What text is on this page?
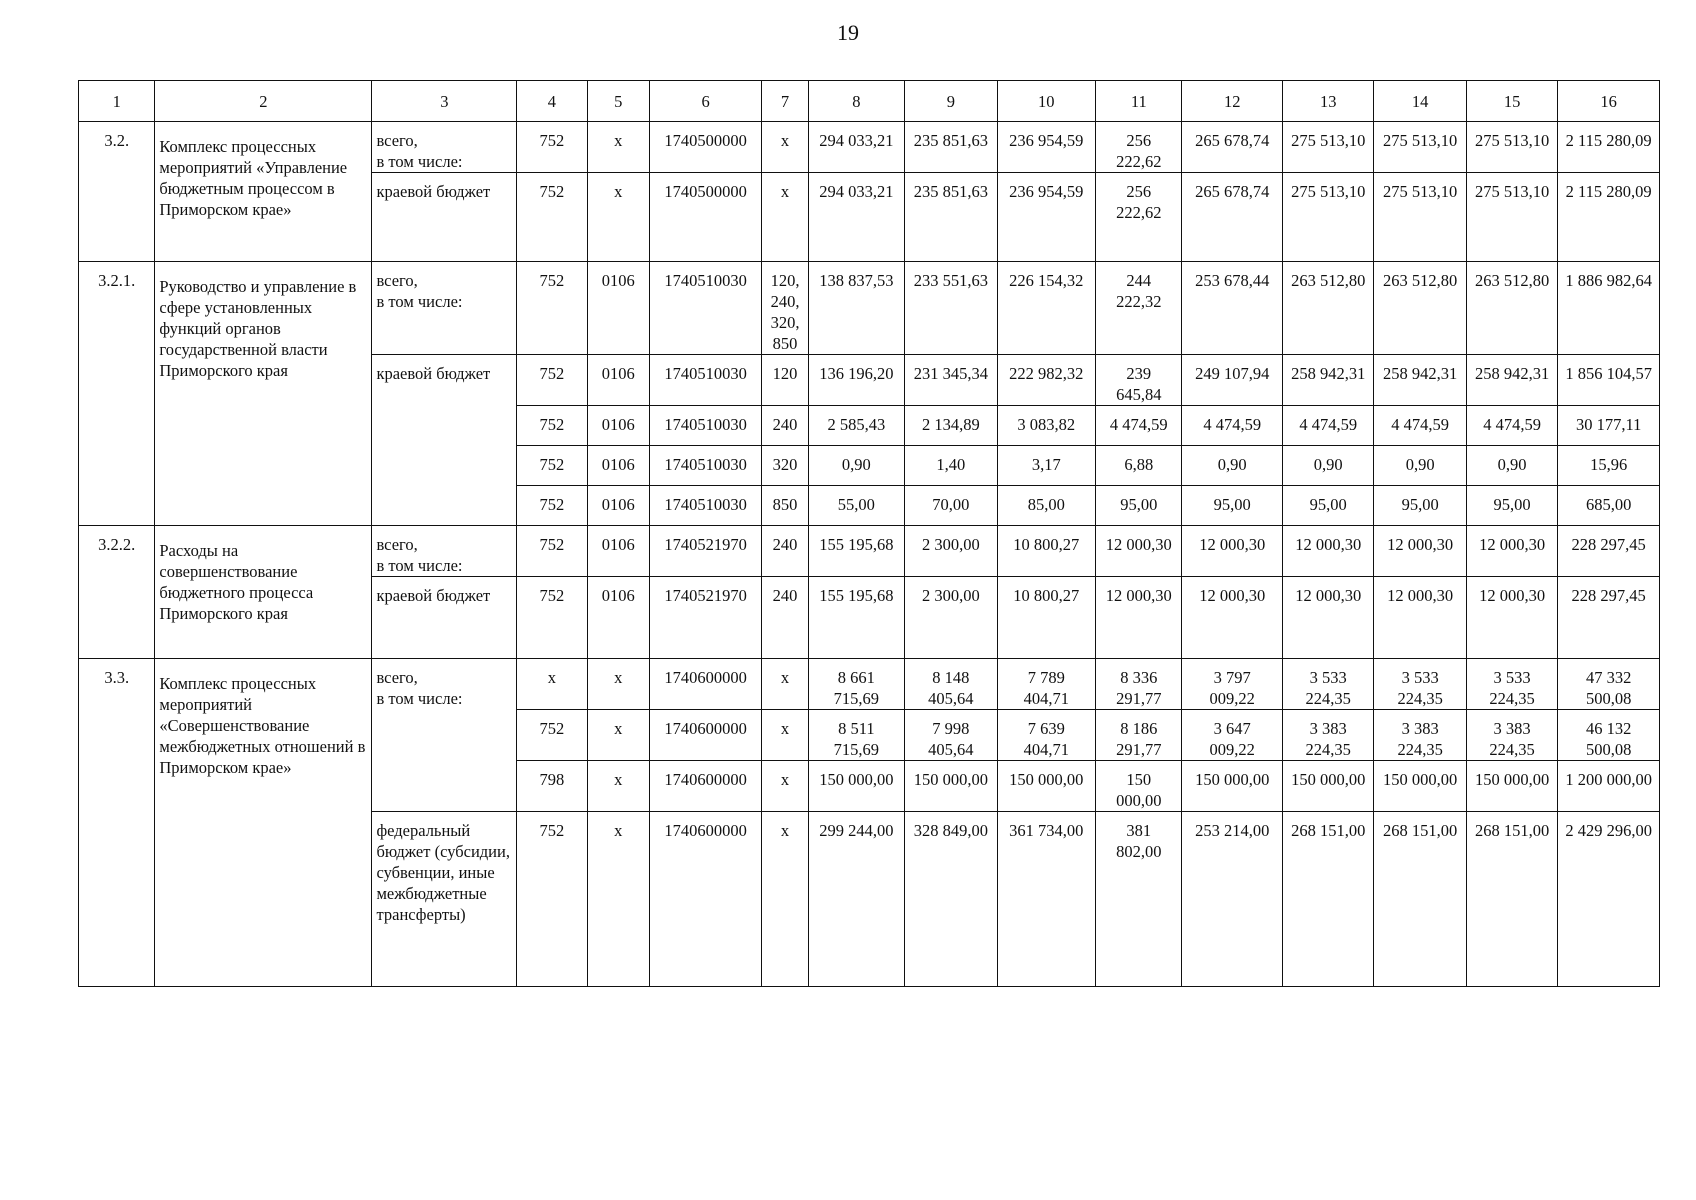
19
1	2	3	4	5	6	7	8	9	10	11	12	13	14	15	16
3.2.	Комплекс процессных мероприятий «Управление бюджетным процессом в Приморском крае»	всего,
в том числе:	752	х	1740500000	х	294 033,21	235 851,63	236 954,59	256
222,62	265 678,74	275 513,10	275 513,10	275 513,10	2 115 280,09
		краевой бюджет	752	х	1740500000	х	294 033,21	235 851,63	236 954,59	256
222,62	265 678,74	275 513,10	275 513,10	275 513,10	2 115 280,09
3.2.1.	Руководство и управление в сфере установленных функций органов государственной власти Приморского края	всего,
в том числе:	752	0106	1740510030	120,
240,
320,
850	138 837,53	233 551,63	226 154,32	244
222,32	253 678,44	263 512,80	263 512,80	263 512,80	1 886 982,64
		краевой бюджет	752	0106	1740510030	120	136 196,20	231 345,34	222 982,32	239
645,84	249 107,94	258 942,31	258 942,31	258 942,31	1 856 104,57
			752	0106	1740510030	240	2 585,43	2 134,89	3 083,82	4 474,59	4 474,59	4 474,59	4 474,59	4 474,59	30 177,11
			752	0106	1740510030	320	0,90	1,40	3,17	6,88	0,90	0,90	0,90	0,90	15,96
			752	0106	1740510030	850	55,00	70,00	85,00	95,00	95,00	95,00	95,00	95,00	685,00
3.2.2.	Расходы на совершенствование бюджетного процесса Приморского края	всего,
в том числе:	752	0106	1740521970	240	155 195,68	2 300,00	10 800,27	12 000,30	12 000,30	12 000,30	12 000,30	12 000,30	228 297,45
		краевой бюджет	752	0106	1740521970	240	155 195,68	2 300,00	10 800,27	12 000,30	12 000,30	12 000,30	12 000,30	12 000,30	228 297,45
3.3.	Комплекс процессных мероприятий «Совершенствование межбюджетных отношений в Приморском крае»	всего,
в том числе:	х	х	1740600000	х	8 661
715,69	8 148
405,64	7 789
404,71	8 336
291,77	3 797
009,22	3 533
224,35	3 533
224,35	3 533
224,35	47 332
500,08
			752	х	1740600000	х	8 511
715,69	7 998
405,64	7 639
404,71	8 186
291,77	3 647
009,22	3 383
224,35	3 383
224,35	3 383
224,35	46 132
500,08
			798	х	1740600000	х	150 000,00	150 000,00	150 000,00	150
000,00	150 000,00	150 000,00	150 000,00	150 000,00	1 200 000,00
		федеральный бюджет (субсидии, субвенции, иные межбюджетные трансферты)	752	х	1740600000	х	299 244,00	328 849,00	361 734,00	381
802,00	253 214,00	268 151,00	268 151,00	268 151,00	2 429 296,00
